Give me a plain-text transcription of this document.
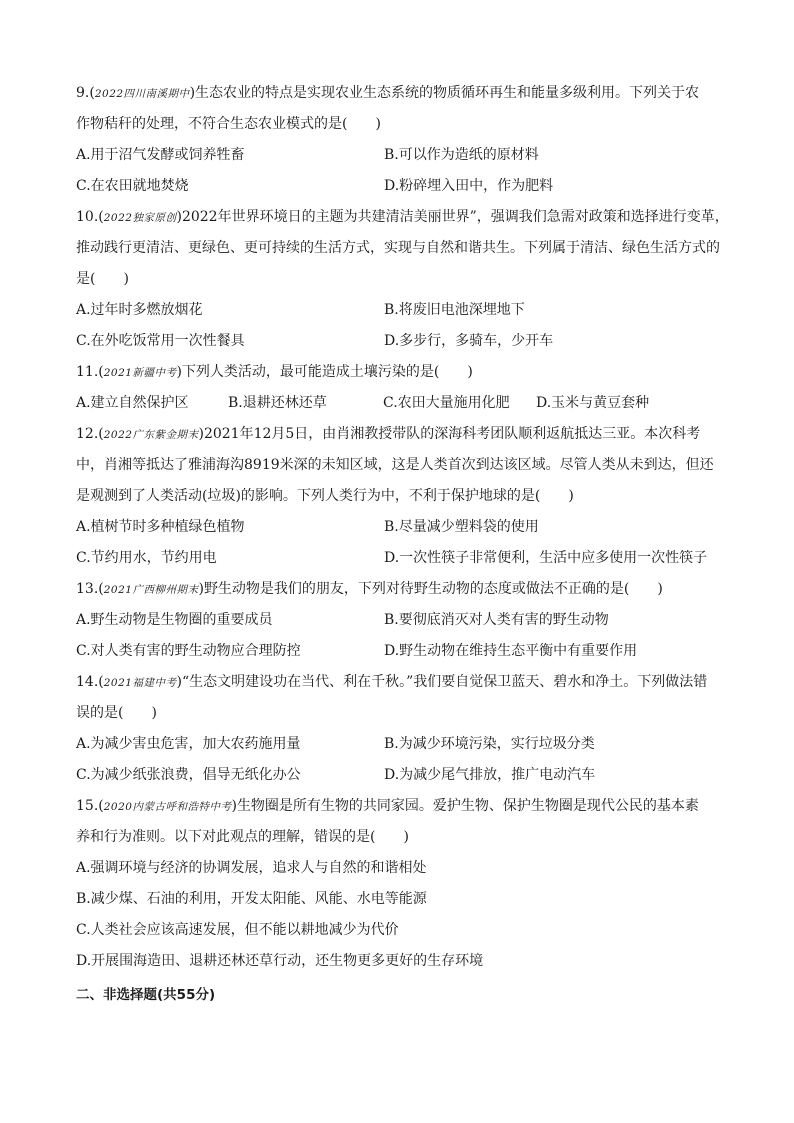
9.(2022四川南溪期中)生态农业的特点是实现农业生态系统的物质循环再生和能量多级利用。下列关于农
作物秸秆的处理，不符合生态农业模式的是(　　)
A.用于沼气发酵或饲养牲畜	B.可以作为造纸的原材料
C.在农田就地焚烧	D.粉碎埋入田中，作为肥料
10.(2022独家原创)2022年世界环境日的主题为共建清洁美丽世界”，强调我们急需对政策和选择进行变革，
推动践行更清洁、更绿色、更可持续的生活方式，实现与自然和谐共生。下列属于清洁、绿色生活方式的
是(　　)
A.过年时多燃放烟花	B.将废旧电池深埋地下
C.在外吃饭常用一次性餐具	D.多步行，多骑车，少开车
11.(2021新疆中考)下列人类活动，最可能造成土壤污染的是(　　)
A.建立自然保护区	B.退耕还林还草	C.农田大量施用化肥 D.玉米与黄豆套种
12.(2022广东紫金期末)2021年12月5日，由肖湘教授带队的深海科考团队顺利返航抵达三亚。本次科考
中，肖湘等抵达了雅浦海沟8919米深的未知区域，这是人类首次到达该区域。尽管人类从未到达，但还
是观测到了人类活动(垃圾)的影响。下列人类行为中，不利于保护地球的是(　　)
A.植树节时多种植绿色植物	B.尽量减少塑料袋的使用
C.节约用水，节约用电	D.一次性筷子非常便利，生活中应多使用一次性筷子
13.(2021广西柳州期末)野生动物是我们的朋友，下列对待野生动物的态度或做法不正确的是(　　)
A.野生动物是生物圈的重要成员	B.要彻底消灭对人类有害的野生动物
C.对人类有害的野生动物应合理防控	D.野生动物在维持生态平衡中有重要作用
14.(2021福建中考)“生态文明建设功在当代、利在千秋。”我们要自觉保卫蓝天、碧水和净土。下列做法错
误的是(　　)
A.为减少害虫危害，加大农药施用量	B.为减少环境污染，实行垃圾分类
C.为减少纸张浪费，倡导无纸化办公	D.为减少尾气排放，推广电动汽车
15.(2020内蒙古呼和浩特中考)生物圈是所有生物的共同家园。爱护生物、保护生物圈是现代公民的基本素
养和行为准则。以下对此观点的理解，错误的是(　　)
A.强调环境与经济的协调发展，追求人与自然的和谐相处
B.减少煤、石油的利用，开发太阳能、风能、水电等能源
C.人类社会应该高速发展，但不能以耕地减少为代价
D.开展围海造田、退耕还林还草行动，还生物更多更好的生存环境
二、非选择题(共55分)
